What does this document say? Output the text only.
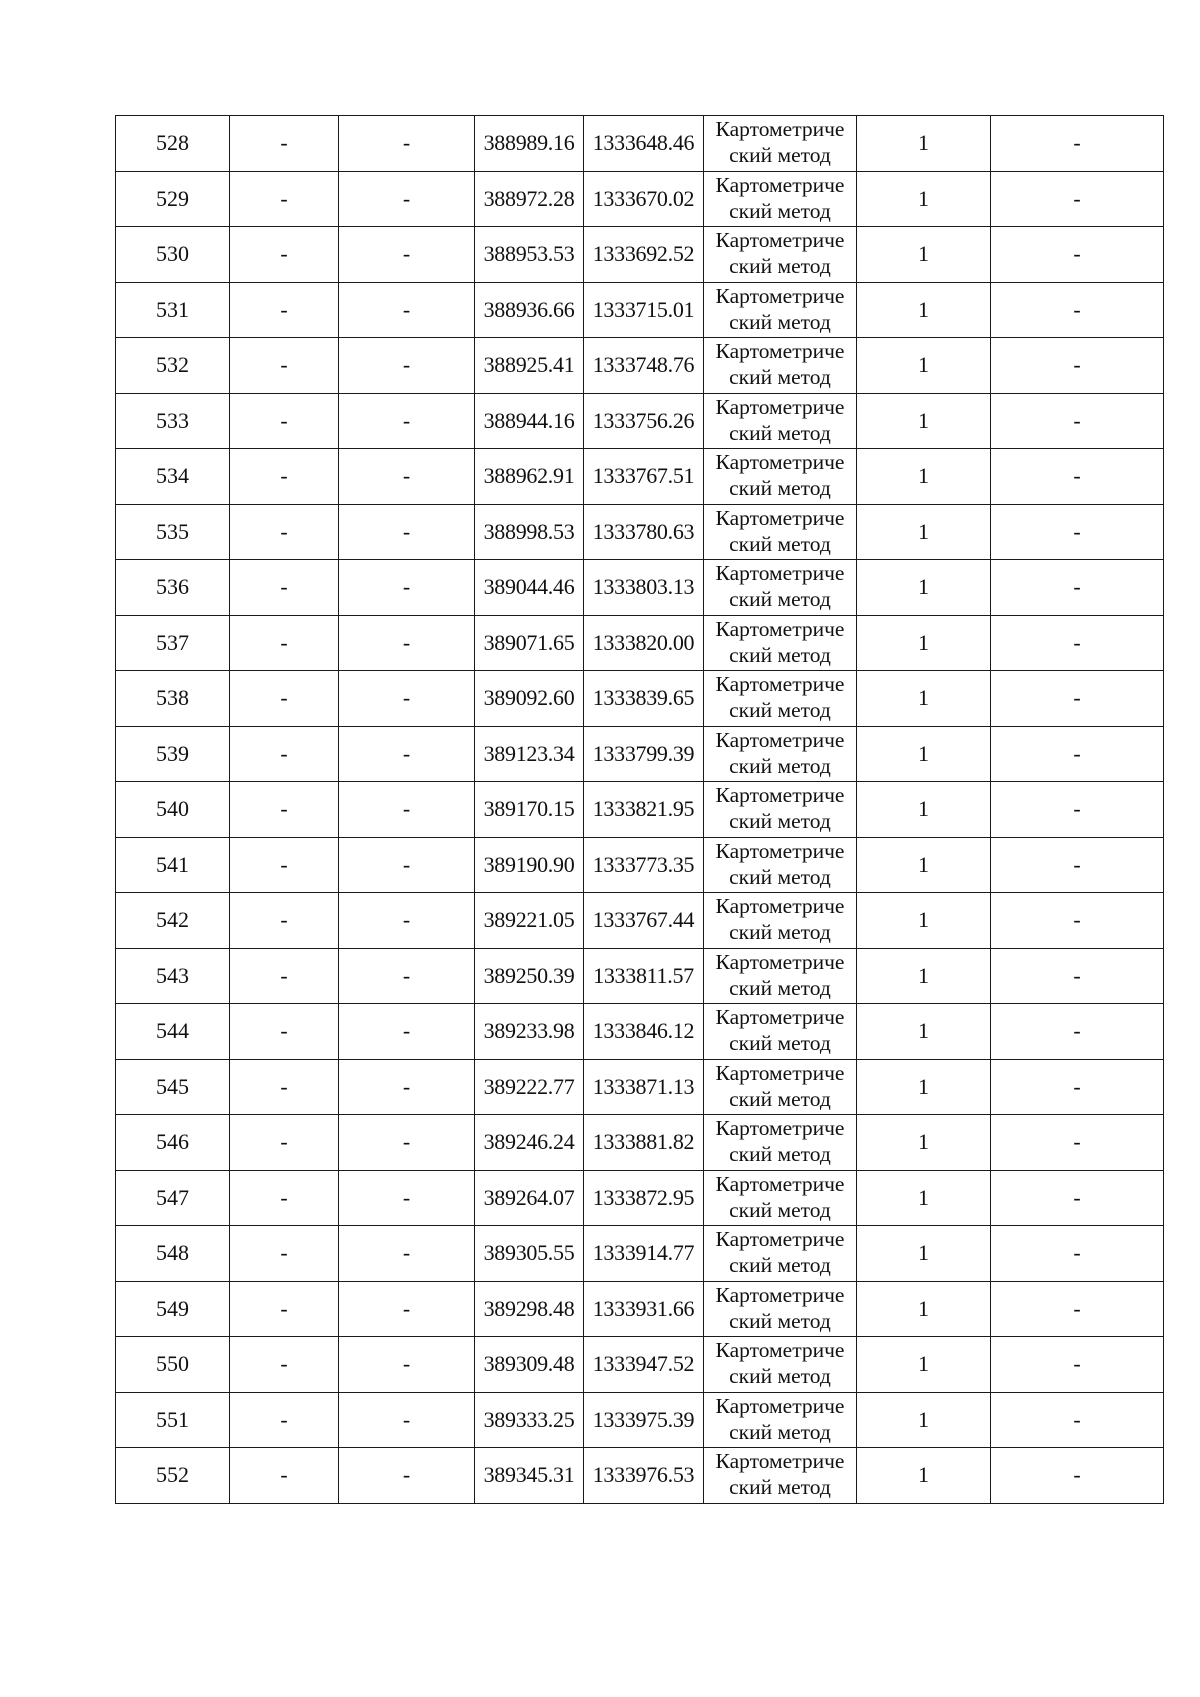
528	-	-	388989.16	1333648.46	Картометриче
ский метод	1	-
529	-	-	388972.28	1333670.02	Картометриче
ский метод	1	-
530	-	-	388953.53	1333692.52	Картометриче
ский метод	1	-
531	-	-	388936.66	1333715.01	Картометриче
ский метод	1	-
532	-	-	388925.41	1333748.76	Картометриче
ский метод	1	-
533	-	-	388944.16	1333756.26	Картометриче
ский метод	1	-
534	-	-	388962.91	1333767.51	Картометриче
ский метод	1	-
535	-	-	388998.53	1333780.63	Картометриче
ский метод	1	-
536	-	-	389044.46	1333803.13	Картометриче
ский метод	1	-
537	-	-	389071.65	1333820.00	Картометриче
ский метод	1	-
538	-	-	389092.60	1333839.65	Картометриче
ский метод	1	-
539	-	-	389123.34	1333799.39	Картометриче
ский метод	1	-
540	-	-	389170.15	1333821.95	Картометриче
ский метод	1	-
541	-	-	389190.90	1333773.35	Картометриче
ский метод	1	-
542	-	-	389221.05	1333767.44	Картометриче
ский метод	1	-
543	-	-	389250.39	1333811.57	Картометриче
ский метод	1	-
544	-	-	389233.98	1333846.12	Картометриче
ский метод	1	-
545	-	-	389222.77	1333871.13	Картометриче
ский метод	1	-
546	-	-	389246.24	1333881.82	Картометриче
ский метод	1	-
547	-	-	389264.07	1333872.95	Картометриче
ский метод	1	-
548	-	-	389305.55	1333914.77	Картометриче
ский метод	1	-
549	-	-	389298.48	1333931.66	Картометриче
ский метод	1	-
550	-	-	389309.48	1333947.52	Картометриче
ский метод	1	-
551	-	-	389333.25	1333975.39	Картометриче
ский метод	1	-
552	-	-	389345.31	1333976.53	Картометриче
ский метод	1	-
